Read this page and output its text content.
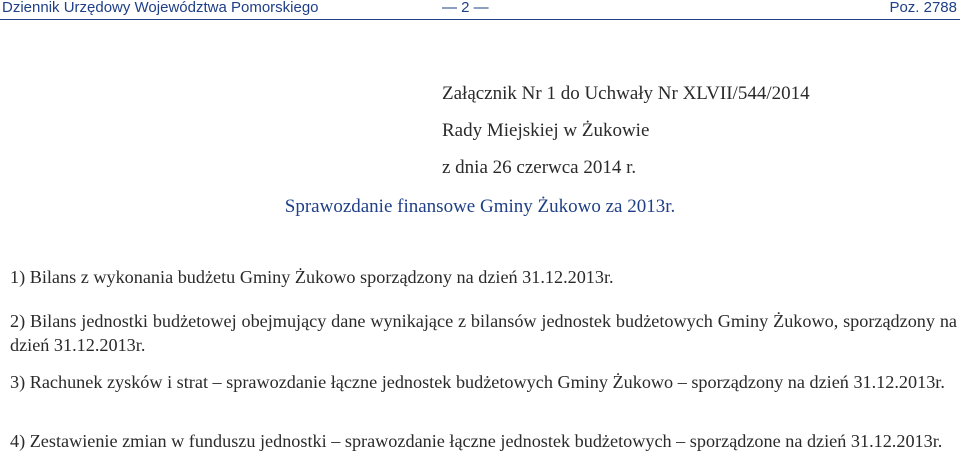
Dziennik Urzędowy Województwa Pomorskiego	— 2 —	Poz. 2788
Załącznik Nr 1 do Uchwały Nr XLVII/544/2014
Rady Miejskiej w Żukowie
z dnia 26 czerwca 2014 r.
Sprawozdanie finansowe Gminy Żukowo za 2013r.

1) Bilans z wykonania budżetu Gminy Żukowo sporządzony na dzień 31.12.2013r.

2) Bilans jednostki budżetowej obejmujący dane wynikające z bilansów jednostek budżetowych Gminy Żukowo, sporządzony na dzień 31.12.2013r.

3) Rachunek zysków i strat – sprawozdanie łączne jednostek budżetowych Gminy Żukowo – sporządzony na dzień 31.12.2013r.

4) Zestawienie zmian w funduszu jednostki – sprawozdanie łączne jednostek budżetowych – sporządzone na dzień 31.12.2013r.
